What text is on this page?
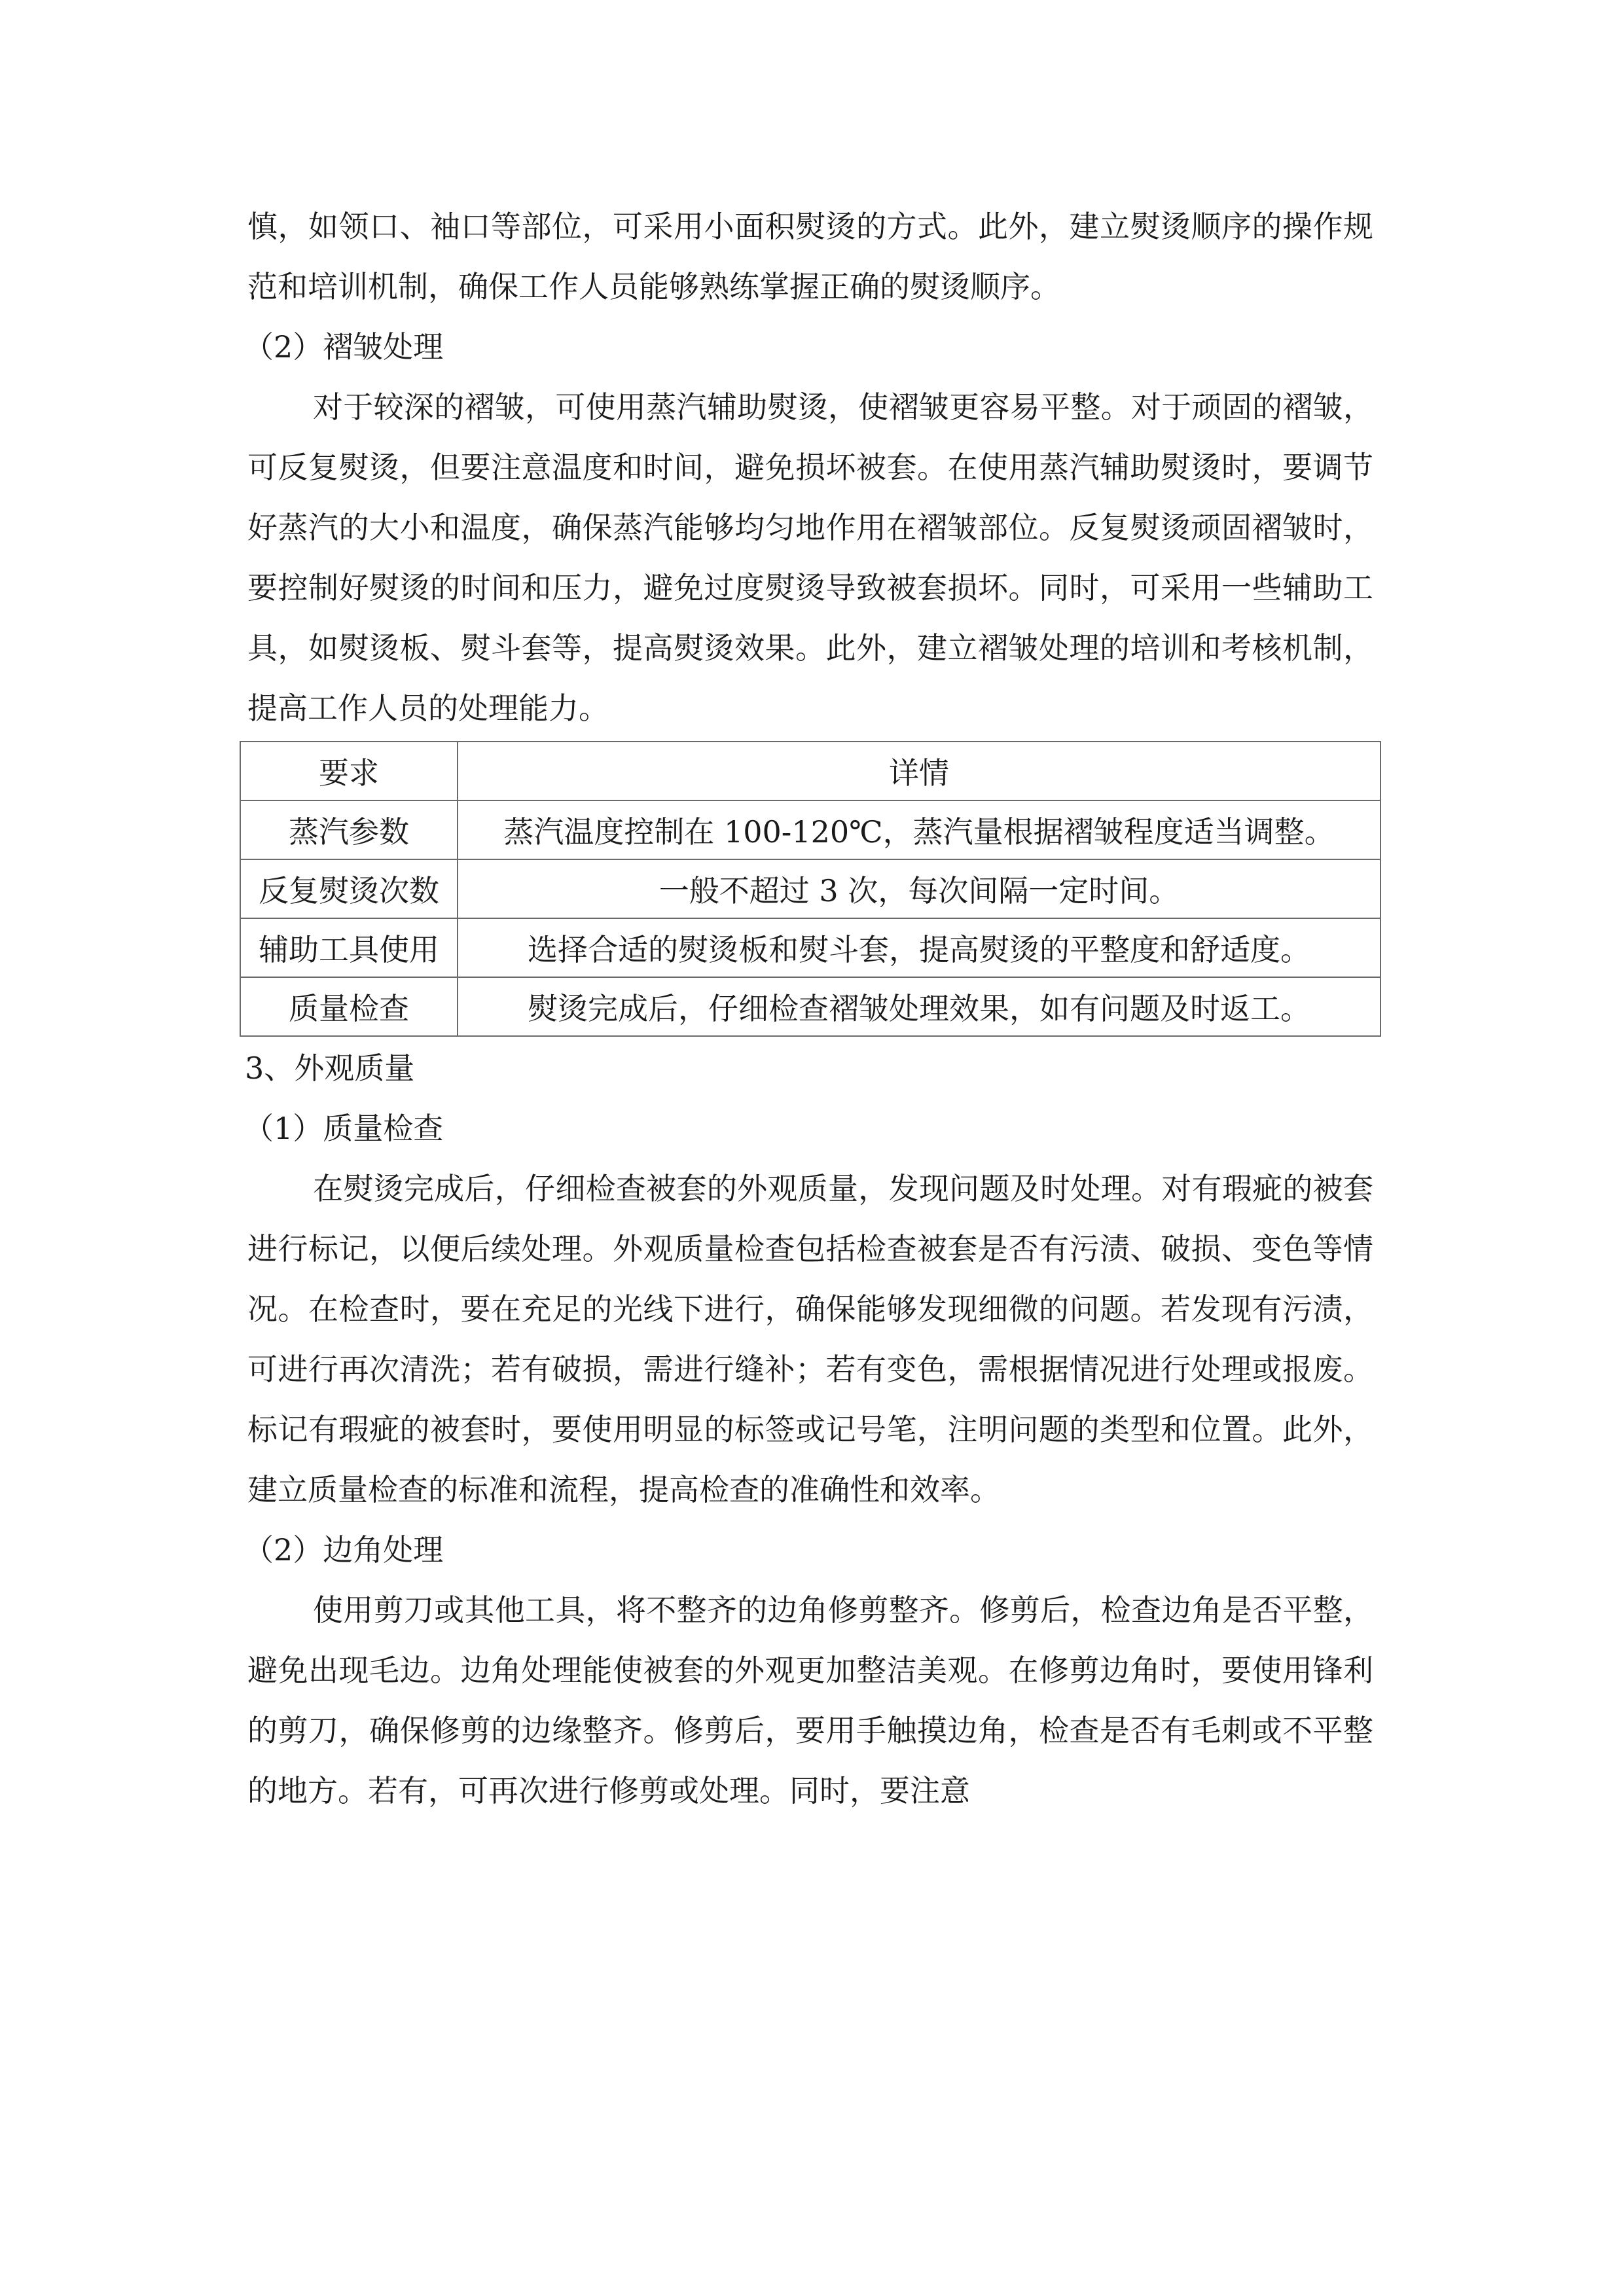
慎，如领口、袖口等部位，可采用小面积熨烫的方式。此外，建立熨烫顺序的操作规范和培训机制，确保工作人员能够熟练掌握正确的熨烫顺序。

（2）褶皱处理

对于较深的褶皱，可使用蒸汽辅助熨烫，使褶皱更容易平整。对于顽固的褶皱，可反复熨烫，但要注意温度和时间，避免损坏被套。在使用蒸汽辅助熨烫时，要调节好蒸汽的大小和温度，确保蒸汽能够均匀地作用在褶皱部位。反复熨烫顽固褶皱时，要控制好熨烫的时间和压力，避免过度熨烫导致被套损坏。同时，可采用一些辅助工具，如熨烫板、熨斗套等，提高熨烫效果。此外，建立褶皱处理的培训和考核机制，提高工作人员的处理能力。

要求	详情
蒸汽参数	蒸汽温度控制在 100-120℃，蒸汽量根据褶皱程度适当调整。
反复熨烫次数	一般不超过 3 次，每次间隔一定时间。
辅助工具使用	选择合适的熨烫板和熨斗套，提高熨烫的平整度和舒适度。
质量检查	熨烫完成后，仔细检查褶皱处理效果，如有问题及时返工。

3、外观质量

（1）质量检查

在熨烫完成后，仔细检查被套的外观质量，发现问题及时处理。对有瑕疵的被套进行标记，以便后续处理。外观质量检查包括检查被套是否有污渍、破损、变色等情况。在检查时，要在充足的光线下进行，确保能够发现细微的问题。若发现有污渍，可进行再次清洗；若有破损，需进行缝补；若有变色，需根据情况进行处理或报废。标记有瑕疵的被套时，要使用明显的标签或记号笔，注明问题的类型和位置。此外，建立质量检查的标准和流程，提高检查的准确性和效率。

（2）边角处理

使用剪刀或其他工具，将不整齐的边角修剪整齐。修剪后，检查边角是否平整，避免出现毛边。边角处理能使被套的外观更加整洁美观。在修剪边角时，要使用锋利的剪刀，确保修剪的边缘整齐。修剪后，要用手触摸边角，检查是否有毛刺或不平整的地方。若有，可再次进行修剪或处理。同时，要注意
